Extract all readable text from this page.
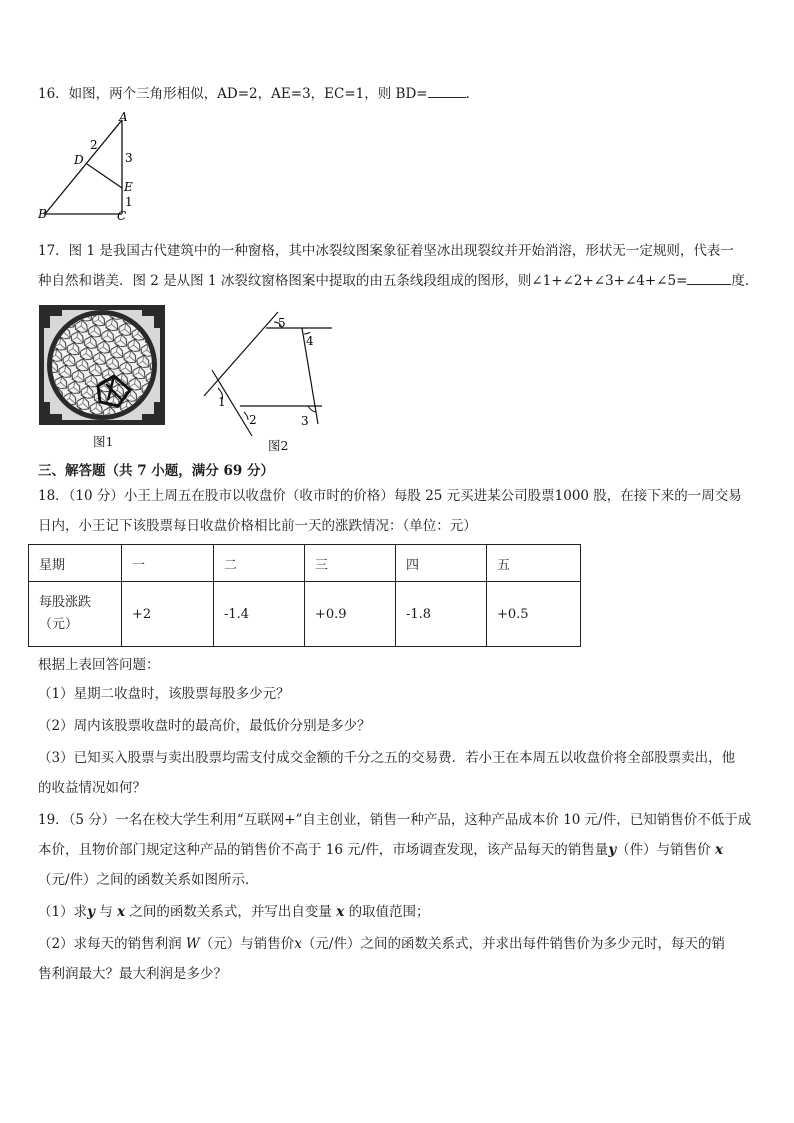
16．如图，两个三角形相似，AD=2，AE=3，EC=1，则 BD=	．
A
B	C
D
E
2
3
1
17．图 1 是我国古代建筑中的一种窗格，其中冰裂纹图案象征着坚冰出现裂纹并开始消溶，形状无一定规则，代表一
种自然和谐美．图 2 是从图 1 冰裂纹窗格图案中提取的由五条线段组成的图形，则∠1+∠2+∠3+∠4+∠5=	度．
图1
1
2	3
4
5
图2
三、解答题（共 7 小题，满分 69 分）
18．（10 分）小王上周五在股市以收盘价（收市时的价格）每股 25 元买进某公司股票1000 股，在接下来的一周交易
日内，小王记下该股票每日收盘价格相比前一天的涨跌情况：（单位：元）
星期	一	二	三	四	五

每股涨跌
（元）	+2	-1.4	+0.9	-1.8	+0.5
根据上表回答问题：
（1）星期二收盘时，该股票每股多少元？
（2）周内该股票收盘时的最高价，最低价分别是多少？
（3）已知买入股票与卖出股票均需支付成交金额的千分之五的交易费．若小王在本周五以收盘价将全部股票卖出，他
的收益情况如何？
19．（5 分）一名在校大学生利用“互联网+”自主创业，销售一种产品，这种产品成本价 10 元/件，已知销售价不低于成
本价，且物价部门规定这种产品的销售价不高于 16 元/件，市场调查发现，该产品每天的销售量y（件）与销售价 x
（元/件）之间的函数关系如图所示．
（1）求y 与 x 之间的函数关系式，并写出自变量 x 的取值范围；
（2）求每天的销售利润 W（元）与销售价x（元/件）之间的函数关系式，并求出每件销售价为多少元时，每天的销
售利润最大？最大利润是多少？
